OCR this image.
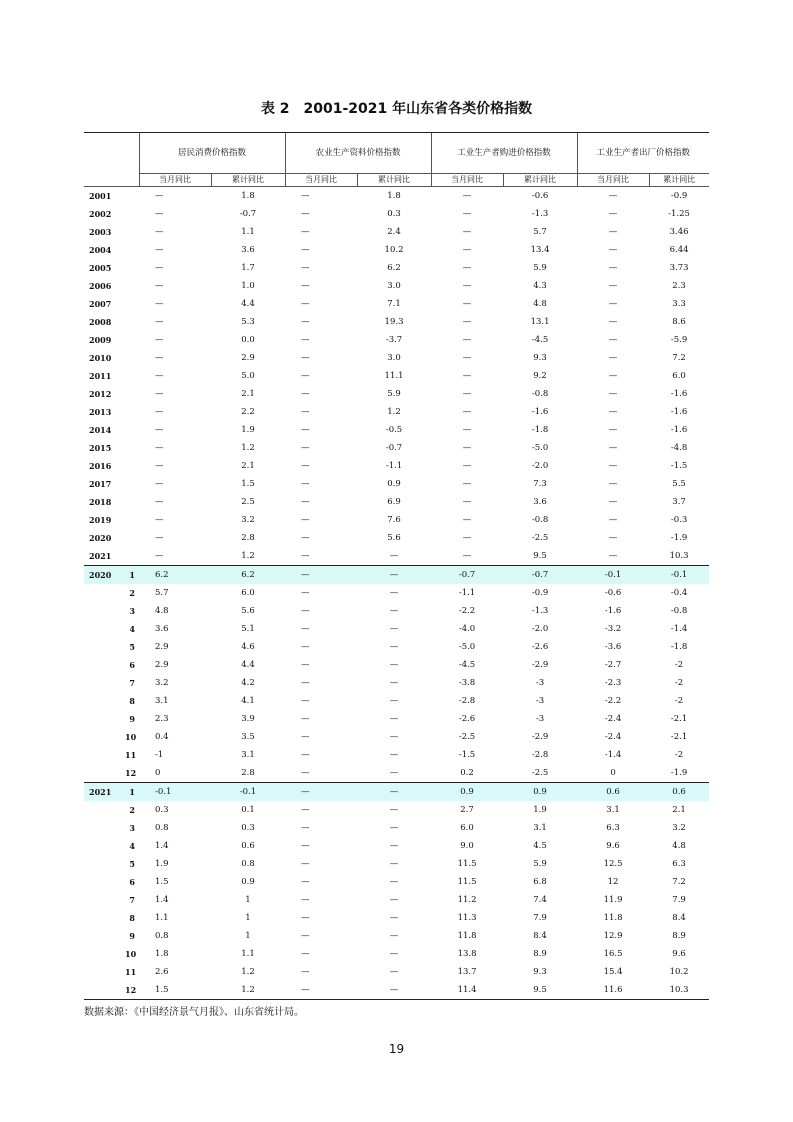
表 2　2001-2021 年山东省各类价格指数
		居民消费价格指数		农业生产资料价格指数		工业生产者购进价格指数		工业生产者出厂价格指数	
		当月同比	累计同比	当月同比	累计同比	当月同比	累计同比	当月同比	累计同比
2001		—	1.8	—	1.8	—	-0.6	—	-0.9
2002		—	-0.7	—	0.3	—	-1.3	—	-1.25
2003		—	1.1	—	2.4	—	5.7	—	3.46
2004		—	3.6	—	10.2	—	13.4	—	6.44
2005		—	1.7	—	6.2	—	5.9	—	3.73
2006		—	1.0	—	3.0	—	4.3	—	2.3
2007		—	4.4	—	7.1	—	4.8	—	3.3
2008		—	5.3	—	19.3	—	13.1	—	8.6
2009		—	0.0	—	-3.7	—	-4.5	—	-5.9
2010		—	2.9	—	3.0	—	9.3	—	7.2
2011		—	5.0	—	11.1	—	9.2	—	6.0
2012		—	2.1	—	5.9	—	-0.8	—	-1.6
2013		—	2.2	—	1.2	—	-1.6	—	-1.6
2014		—	1.9	—	-0.5	—	-1.8	—	-1.6
2015		—	1.2	—	-0.7	—	-5.0	—	-4.8
2016		—	2.1	—	-1.1	—	-2.0	—	-1.5
2017		—	1.5	—	0.9	—	7.3	—	5.5
2018		—	2.5	—	6.9	—	3.6	—	3.7
2019		—	3.2	—	7.6	—	-0.8	—	-0.3
2020		—	2.8	—	5.6	—	-2.5	—	-1.9
2021		—	1.2	—	—	—	9.5	—	10.3
2020	1	6.2	6.2	—	—	-0.7	-0.7	-0.1	-0.1
	2	5.7	6.0	—	—	-1.1	-0.9	-0.6	-0.4
	3	4.8	5.6	—	—	-2.2	-1.3	-1.6	-0.8
	4	3.6	5.1	—	—	-4.0	-2.0	-3.2	-1.4
	5	2.9	4.6	—	—	-5.0	-2.6	-3.6	-1.8
	6	2.9	4.4	—	—	-4.5	-2.9	-2.7	-2
	7	3.2	4.2	—	—	-3.8	-3	-2.3	-2
	8	3.1	4.1	—	—	-2.8	-3	-2.2	-2
	9	2.3	3.9	—	—	-2.6	-3	-2.4	-2.1
	10	0.4	3.5	—	—	-2.5	-2.9	-2.4	-2.1
	11	-1	3.1	—	—	-1.5	-2.8	-1.4	-2
	12	0	2.8	—	—	0.2	-2.5	0	-1.9
2021	1	-0.1	-0.1	—	—	0.9	0.9	0.6	0.6
	2	0.3	0.1	—	—	2.7	1.9	3.1	2.1
	3	0.8	0.3	—	—	6.0	3.1	6.3	3.2
	4	1.4	0.6	—	—	9.0	4.5	9.6	4.8
	5	1.9	0.8	—	—	11.5	5.9	12.5	6.3
	6	1.5	0.9	—	—	11.5	6.8	12	7.2
	7	1.4	1	—	—	11.2	7.4	11.9	7.9
	8	1.1	1	—	—	11.3	7.9	11.8	8.4
	9	0.8	1	—	—	11.8	8.4	12.9	8.9
	10	1.8	1.1	—	—	13.8	8.9	16.5	9.6
	11	2.6	1.2	—	—	13.7	9.3	15.4	10.2
	12	1.5	1.2	—	—	11.4	9.5	11.6	10.3
数据来源：《中国经济景气月报》、山东省统计局。
19
